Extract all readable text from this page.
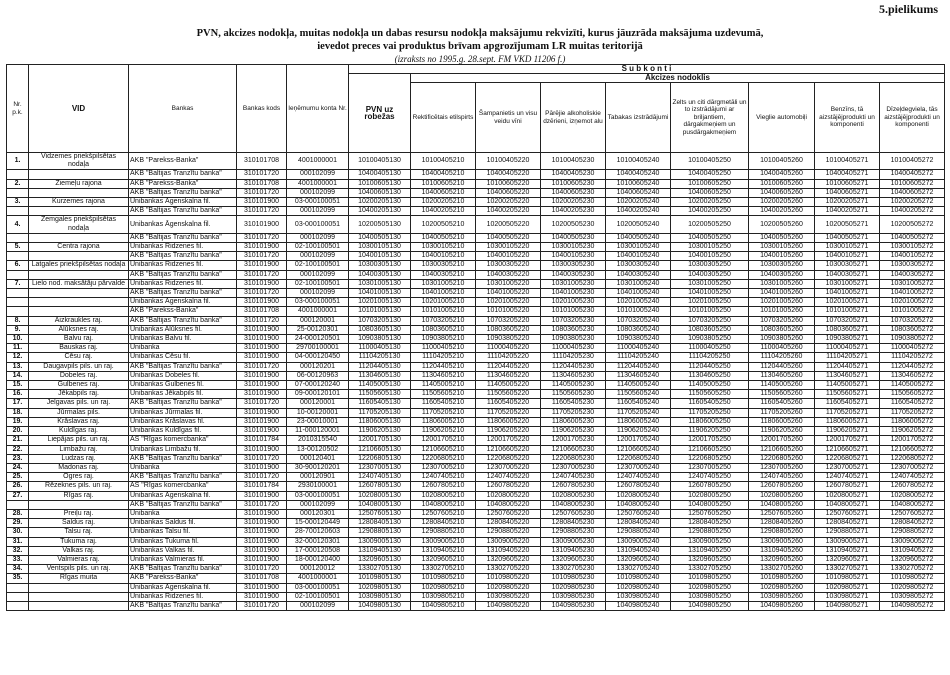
5.pielikums
PVN, akcizes nodokļa, muitas nodokļa un dabas resursu nodokļa maksājumu rekvizīti, kurus jāuzrāda maksājuma uzdevumā,
ievedot preces vai produktus brīvam apgrozījumam LR muitas teritorijā
(izraksts no 1995.g. 28.sept. FM VKD 11206 f.)
Nr. p.k.	VID	Bankas	Bankas kods	Ieņēmumu konta Nr.	S u b k o n t i								
					PVN uz robežas	Akcizes nodoklis							
						Rektificētais etilspirts	Šampanietis un visu veidu vīni	Pārējie alkoholiskie dzērieni, izņemot alu	Tabakas izstrādājumi	Zelts un citi dārgmetāli un to izstrādājumi ar briljantiem, dārgakmeņiem un pusdārgakmeņiem	Vieglie automobiļi	Benzīns, tā aizstājējprodukti un komponenti	Dīzeļdegviela, tās aizstājējprodukti un komponenti
1.	Vidzemes priekšpilsētas nodaļa	AKB "Parekss-Banka"	310101708	4001000001	10100405130	10100405210	10100405220	10100405230	10100405240	10100405250	10100405260	10100405271	10100405272
		AKB "Baltijas Tranzītu banka"	310101720	000102099	10400405130	10400405210	10400405220	10400405230	10400405240	10400405250	10400405260	10400405271	10400405272
2.	Ziemeļu rajona	AKB "Parekss-Banka"	310101708	4001000001	10100605130	10100605210	10100605220	10100605230	10100605240	10100605250	10100605260	10100605271	10100605272
		AKB "Baltijas Tranzītu banka"	310101720	000102099	10400605130	10400605210	10400605220	10400605230	10400605240	10400605250	10400605260	10400605271	10400605272
3.	Kurzemes rajona	Unibankas Āgenskalna fil.	310101900	03-000100051	10200205130	10200205210	10200205220	10200205230	10200205240	10200205250	10200205260	10200205271	10200205272
		AKB "Baltijas Tranzītu banka"	310101720	000102099	10400205130	10400205210	10400205220	10400205230	10400205240	10400205250	10400205260	10400205271	10400205272
4.	Zemgales priekšpilsētas nodaļa	Unibankas Āgenskalna fil.	310101900	03-000100051	10200505130	10200505210	10200505220	10200505230	10200505240	10200505250	10200505260	10200505271	10200505272
		AKB "Baltijas Tranzītu banka"	310101720	000102099	10400505130	10400505210	10400505220	10400505230	10400505240	10400505250	10400505260	10400505271	10400505272
5.	Centra rajona	Unibankas Ridzenes fil.	310101900	02-100100501	10300105130	10300105210	10300105220	10300105230	10300105240	10300105250	10300105260	10300105271	10300105272
		AKB "Baltijas Tranzītu banka"	310101720	000102099	10400105130	10400105210	10400105220	10400105230	10400105240	10400105250	10400105260	10400105271	10400105272
6.	Latgales priekšpilsētas nodaļa	Unibankas Ridzenes fil.	310101900	02-100100501	10300305130	10300305210	10300305220	10300305230	10300305240	10300305250	10300305260	10300305271	10300305272
		AKB "Baltijas Tranzītu banka"	310101720	000102099	10400305130	10400305210	10400305220	10400305230	10400305240	10400305250	10400305260	10400305271	10400305272
7.	Lielo nod. maksātāju pārvalde	Unibankas Ridzenes fil.	310101900	02-100100501	10301005130	10301005210	10301005220	10301005230	10301005240	10301005250	10301005260	10301005271	10301005272
		AKB "Baltijas Tranzītu banka"	310101720	000102099	10401005130	10401005210	10401005220	10401005230	10401005240	10401005250	10401005260	10401005271	10401005272
		Unibankas Āgenskalna fil.	310101900	03-000100051	10201005130	10201005210	10201005220	10201005230	10201005240	10201005250	10201005260	10201005271	10201005272
		AKB "Parekss-Banka"	310101708	4001000001	10101005130	10101005210	10101005220	10101005230	10101005240	10101005250	10101005260	10101005271	10101005272
8.	Aizkraukles raj.	AKB "Baltijas Tranzītu banka"	310101720	000120001	10703205130	10703205210	10703205220	10703205230	10703205240	10703205250	10703205260	10703205271	10703205272
9.	Alūksnes raj.	Unibankas Alūksnes fil.	310101900	25-00120301	10803605130	10803605210	10803605220	10803605230	10803605240	10803605250	10803605260	10803605271	10803605272
10.	Balvu raj.	Unibankas Balvu fil.	310101900	24-000120501	10903805130	10903805210	10903805220	10903805230	10903805240	10903805250	10903805260	10903805271	10903805272
11.	Bauskas raj.	Unibanka	310101900	29700100001	11000405130	11000405210	11000405220	11000405230	11000405240	11000405250	11000405260	11000405271	11000405272
12.	Cēsu raj.	Unibankas Cēsu fil.	310101900	04-000120450	11104205130	11104205210	11104205220	11104205230	11104205240	11104205250	11104205260	11104205271	11104205272
13.	Daugavpils pils. un raj.	AKB "Baltijas Tranzītu banka"	310101720	000120201	11204405130	11204405210	11204405220	11204405230	11204405240	11204405250	11204405260	11204405271	11204405272
14.	Dobeles raj.	Unibankas Dobeles fil.	310101900	06-00120963	11304605130	11304605210	11304605220	11304605230	11304605240	11304605250	11304605260	11304605271	11304605272
15.	Gulbenes raj.	Unibankas Gulbenes fil.	310101900	07-000120240	11405005130	11405005210	11405005220	11405005230	11405005240	11405005250	11405005260	11405005271	11405005272
16.	Jēkabpils raj.	Unibankas Jēkabpils fil.	310101900	09-000120101	11505605130	11505605210	11505605220	11505605230	11505605240	11505605250	11505605260	11505605271	11505605272
17.	Jelgavas pils. un raj.	AKB "Baltijas Tranzītu banka"	310101720	000120001	11605405130	11605405210	11605405220	11605405230	11605405240	11605405250	11605405260	11605405271	11605405272
18.	Jūrmalas pils.	Unibankas Jūrmalas fil.	310101900	10-00120001	11705205130	11705205210	11705205220	11705205230	11705205240	11705205250	11705205260	11705205271	11705205272
19.	Krāslavas raj.	Unibankas Krāslavas fil.	310101900	23-00010001	11806005130	11806005210	11806005220	11806005230	11806005240	11806005250	11806005260	11806005271	11806005272
20.	Kuldīgas raj.	Unibankas Kuldīgas fil.	310101900	11-000120001	11906205130	11906205210	11906205220	11906205230	11906205240	11906205250	11906205260	11906205271	11906205272
21.	Liepājas pils. un raj.	AS "Rīgas komercbanka"	310101784	2010315540	12001705130	12001705210	12001705220	12001705230	12001705240	12001705250	12001705260	12001705271	12001705272
22.	Limbažu raj.	Unibankas Limbažu fil.	310101900	13-00120502	12106605130	12106605210	12106605220	12106605230	12106605240	12106605250	12106605260	12106605271	12106605272
23.	Ludzas raj.	AKB "Baltijas Tranzītu banka"	310101720	000120401	12206805130	12206805210	12206805220	12206805230	12206805240	12206805250	12206805260	12206805271	12206805272
24.	Madonas raj.	Unibanka	310101900	30-900120201	12307005130	12307005210	12307005220	12307005230	12307005240	12307005250	12307005260	12307005271	12307005272
25.	Ogres raj.	AKB "Baltijas Tranzītu banka"	310101720	000120901	12407405130	12407405210	12407405220	12407405230	12407405240	12407405250	12407405260	12407405271	12407405272
26.	Rēzeknes pils. un raj.	AS "Rīgas komercbanka"	310101784	2930100001	12607805130	12607805210	12607805220	12607805230	12607805240	12607805250	12607805260	12607805271	12607805272
27.	Rīgas raj.	Unibankas Āgenskalna fil.	310101900	03-000100051	10208005130	10208005210	10208005220	10208005230	10208005240	10208005250	10208005260	10208005271	10208005272
		AKB "Baltijas Tranzītu banka"	310101720	000102099	10408005130	10408005210	10408005220	10408005230	10408005240	10408005250	10408005260	10408005271	10408005272
28.	Preiļu raj.	Unibanka	310101900	000120301	12507605130	12507605210	12507605220	12507605230	12507605240	12507605250	12507605260	12507605271	12507605272
29.	Saldus raj.	Unibankas Saldus fil.	310101900	15-000120449	12808405130	12808405210	12808405220	12808405230	12808405240	12808405250	12808405260	12808405271	12808405272
30.	Talsu raj.	Unibankas Talsu fil.	310101900	28-700120603	12908805130	12908805210	12908805220	12908805230	12908805240	12908805250	12908805260	12908805271	12908805272
31.	Tukuma raj.	Unibankas Tukuma fil.	310101900	32-000120301	13009005130	13009005210	13009005220	13009005230	13009005240	13009005250	13009005260	13009005271	13009005272
32.	Valkas raj.	Unibankas Valkas fil.	310101900	17-000120508	13109405130	13109405210	13109405220	13109405230	13109405240	13109405250	13109405260	13109405271	13109405272
33.	Valmieras raj.	Unibankas Valmieras fil.	310101900	18-000120400	13209605130	13209605210	13209605220	13209605230	13209605240	13209605250	13209605260	13209605271	13209605272
34.	Ventspils pils. un raj.	AKB "Baltijas Tranzītu banka"	310101720	000120012	13302705130	13302705210	13302705220	13302705230	13302705240	13302705250	13302705260	13302705271	13302705272
35.	Rīgas muita	AKB "Parekss-Banka"	310101708	4001000001	10109805130	10109805210	10109805220	10109805230	10109805240	10109805250	10109805260	10109805271	10109805272
		Unibankas Āgenskalna fil.	310101900	03-000100051	10209805130	10209805210	10209805220	10209805230	10209805240	10209805250	10209805260	10209805271	10209805272
		Unibankas Ridzenes fil.	310101900	02-100100501	10309805130	10309805210	10309805220	10309805230	10309805240	10309805250	10309805260	10309805271	10309805272
		AKB "Baltijas Tranzītu banka"	310101720	000102099	10409805130	10409805210	10409805220	10409805230	10409805240	10409805250	10409805260	10409805271	10409805272
